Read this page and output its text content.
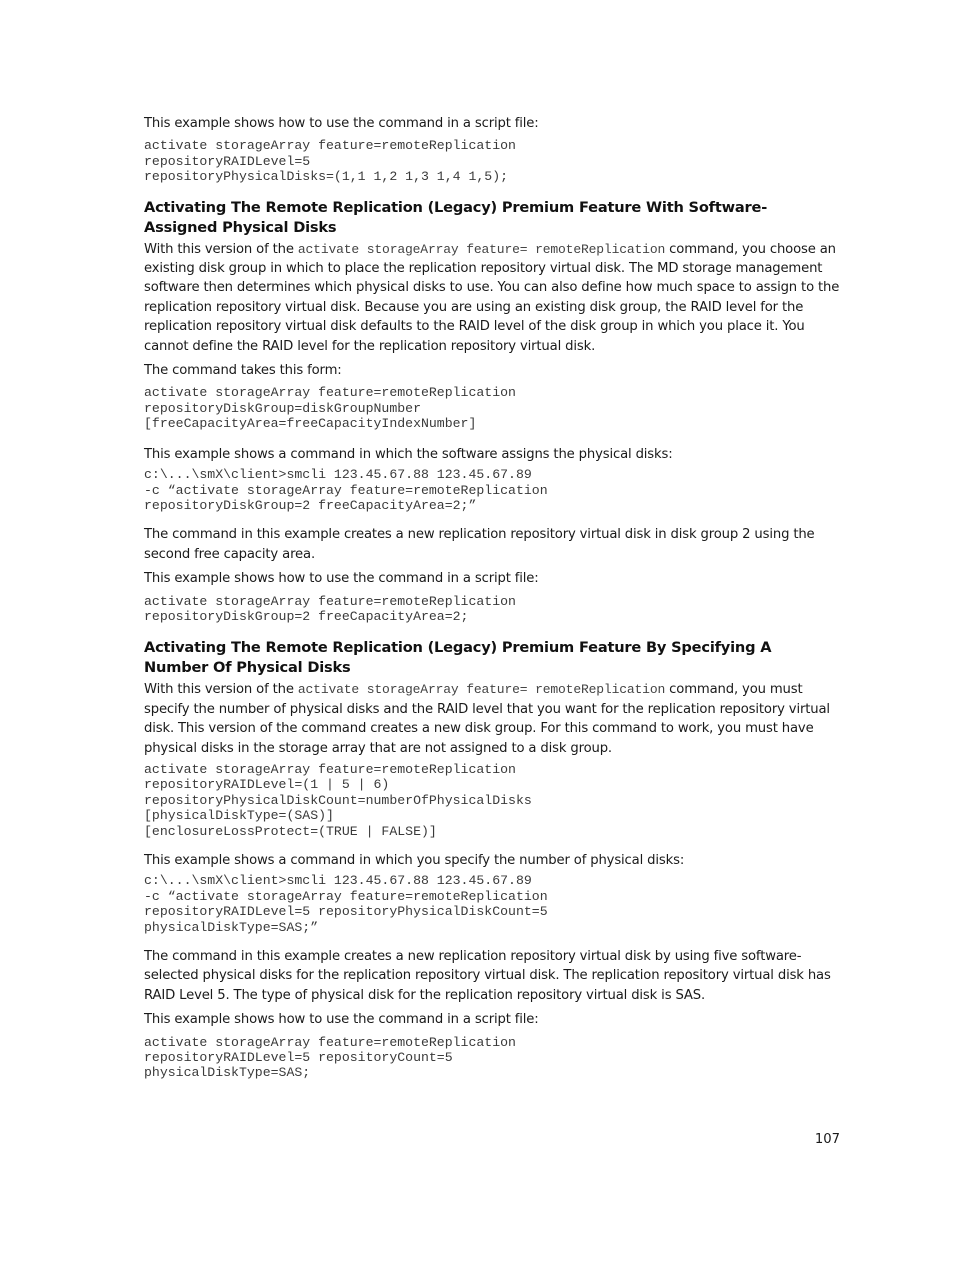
This example shows how to use the command in a script file:

activate storageArray feature=remoteReplication
repositoryRAIDLevel=5
repositoryPhysicalDisks=(1,1 1,2 1,3 1,4 1,5);
Activating The Remote Replication (Legacy) Premium Feature With Software-Assigned Physical Disks

With this version of the activate storageArray feature= remoteReplication command, you choose an existing disk group in which to place the replication repository virtual disk. The MD storage management software then determines which physical disks to use. You can also define how much space to assign to the replication repository virtual disk. Because you are using an existing disk group, the RAID level for the replication repository virtual disk defaults to the RAID level of the disk group in which you place it. You cannot define the RAID level for the replication repository virtual disk.

The command takes this form:

activate storageArray feature=remoteReplication
repositoryDiskGroup=diskGroupNumber
[freeCapacityArea=freeCapacityIndexNumber]

This example shows a command in which the software assigns the physical disks:

c:\...\smX\client>smcli 123.45.67.88 123.45.67.89
-c “activate storageArray feature=remoteReplication
repositoryDiskGroup=2 freeCapacityArea=2;”

The command in this example creates a new replication repository virtual disk in disk group 2 using the second free capacity area.

This example shows how to use the command in a script file:

activate storageArray feature=remoteReplication
repositoryDiskGroup=2 freeCapacityArea=2;
Activating The Remote Replication (Legacy) Premium Feature By Specifying A Number Of Physical Disks

With this version of the activate storageArray feature= remoteReplication command, you must specify the number of physical disks and the RAID level that you want for the replication repository virtual disk. This version of the command creates a new disk group. For this command to work, you must have physical disks in the storage array that are not assigned to a disk group.

activate storageArray feature=remoteReplication
repositoryRAIDLevel=(1 | 5 | 6)
repositoryPhysicalDiskCount=numberOfPhysicalDisks
[physicalDiskType=(SAS)]
[enclosureLossProtect=(TRUE | FALSE)]

This example shows a command in which you specify the number of physical disks:

c:\...\smX\client>smcli 123.45.67.88 123.45.67.89
-c “activate storageArray feature=remoteReplication
repositoryRAIDLevel=5 repositoryPhysicalDiskCount=5
physicalDiskType=SAS;”

The command in this example creates a new replication repository virtual disk by using five software-selected physical disks for the replication repository virtual disk. The replication repository virtual disk has RAID Level 5. The type of physical disk for the replication repository virtual disk is SAS.

This example shows how to use the command in a script file:

activate storageArray feature=remoteReplication
repositoryRAIDLevel=5 repositoryCount=5
physicalDiskType=SAS;
107
